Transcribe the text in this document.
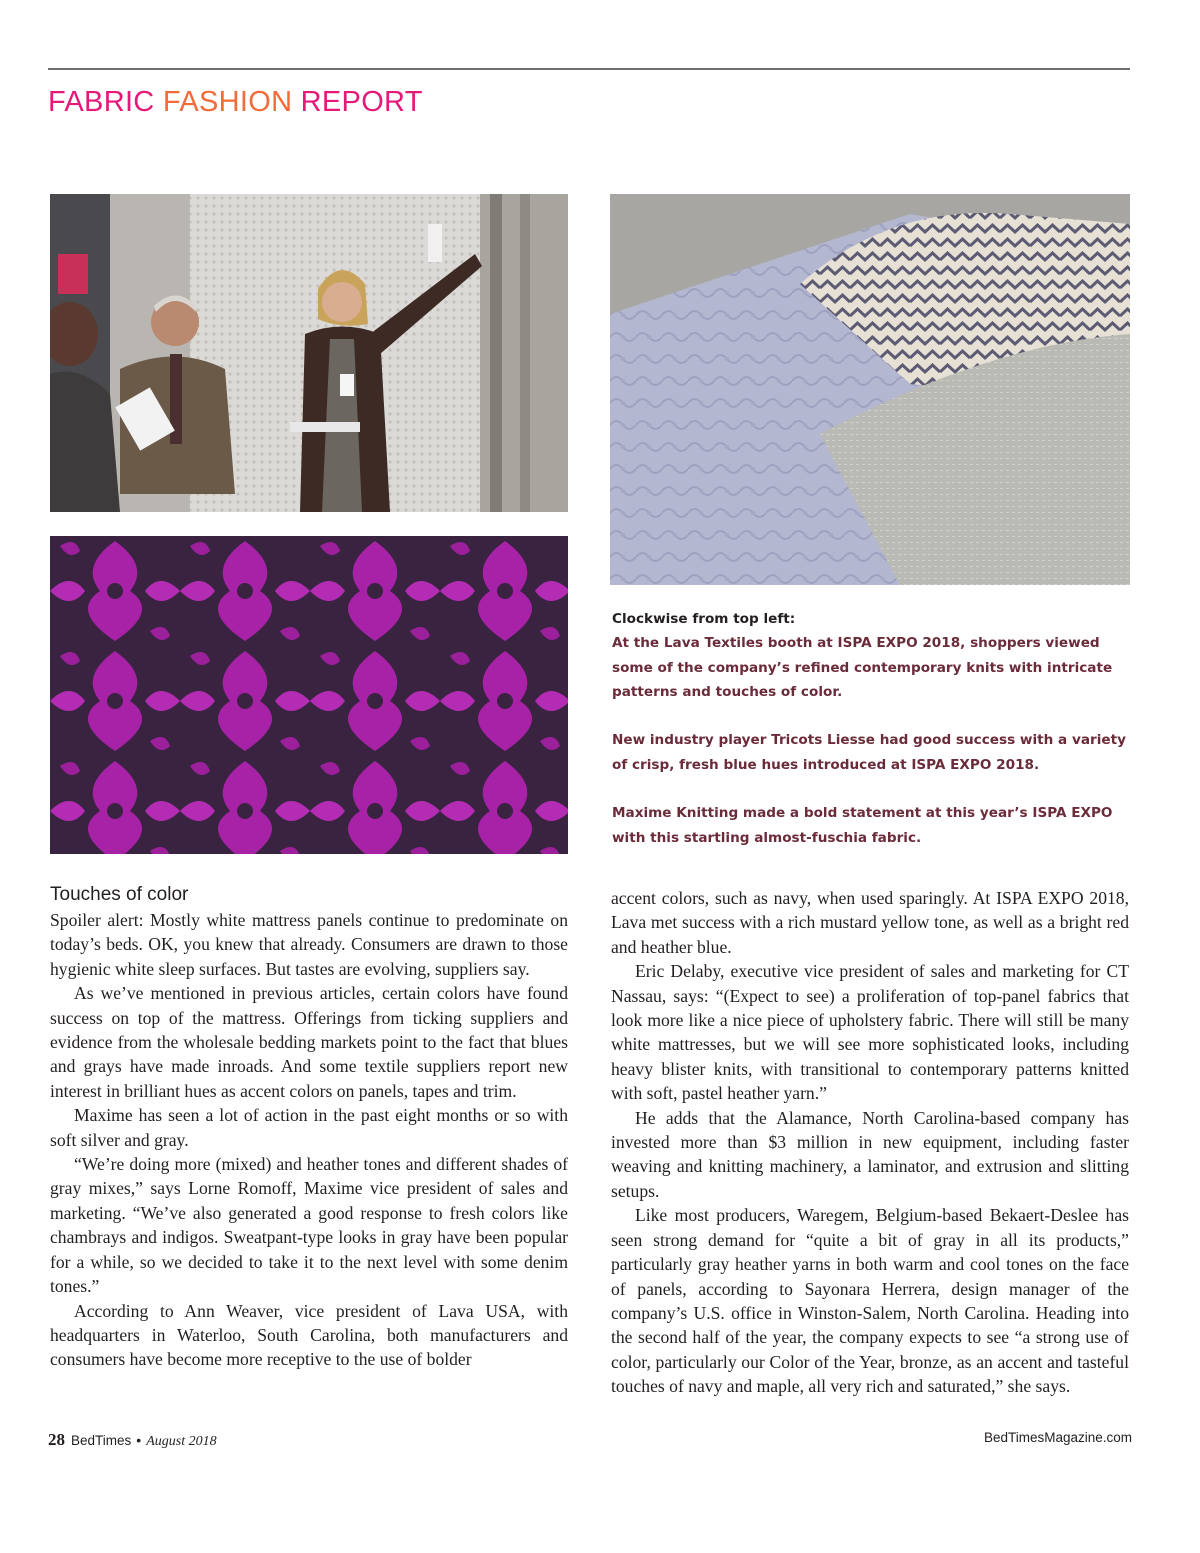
FABRIC FASHION REPORT
Clockwise from top left:

At the Lava Textiles booth at ISPA EXPO 2018, shoppers viewed some of the company’s refined contemporary knits with intricate patterns and touches of color.

New industry player Tricots Liesse had good success with a variety of crisp, fresh blue hues introduced at ISPA EXPO 2018.

Maxime Knitting made a bold statement at this year’s ISPA EXPO with this startling almost-fuschia fabric.

Touches of color

Spoiler alert: Mostly white mattress panels continue to predominate on today’s beds. OK, you knew that already. Consumers are drawn to those hygienic white sleep surfaces. But tastes are evolving, suppliers say.

As we’ve mentioned in previous articles, certain colors have found success on top of the mattress. Offerings from ticking suppliers and evidence from the wholesale bedding markets point to the fact that blues and grays have made inroads. And some textile suppliers report new interest in brilliant hues as accent colors on panels, tapes and trim.

Maxime has seen a lot of action in the past eight months or so with soft silver and gray.

“We’re doing more (mixed) and heather tones and different shades of gray mixes,” says Lorne Romoff, Maxime vice president of sales and marketing. “We’ve also generated a good response to fresh colors like chambrays and indigos. Sweatpant-type looks in gray have been popular for a while, so we decided to take it to the next level with some denim tones.”

According to Ann Weaver, vice president of Lava USA, with headquarters in Waterloo, South Carolina, both manufacturers and consumers have become more receptive to the use of bolder

accent colors, such as navy, when used sparingly. At ISPA EXPO 2018, Lava met success with a rich mustard yellow tone, as well as a bright red and heather blue.

Eric Delaby, executive vice president of sales and marketing for CT Nassau, says: “(Expect to see) a proliferation of top-panel fabrics that look more like a nice piece of upholstery fabric. There will still be many white mattresses, but we will see more sophisticated looks, including heavy blister knits, with transitional to contemporary patterns knitted with soft, pastel heather yarn.”

He adds that the Alamance, North Carolina-based company has invested more than $3 million in new equipment, including faster weaving and knitting machinery, a laminator, and extrusion and slitting setups.

Like most producers, Waregem, Belgium-based Bekaert-Deslee has seen strong demand for “quite a bit of gray in all its products,” particularly gray heather yarns in both warm and cool tones on the face of panels, according to Sayonara Herrera, design manager of the company’s U.S. office in Winston-Salem, North Carolina. Heading into the second half of the year, the company expects to see “a strong use of color, particularly our Color of the Year, bronze, as an accent and tasteful touches of navy and maple, all very rich and saturated,” she says.

28 BedTimes • August 2018	BedTimesMagazine.com
